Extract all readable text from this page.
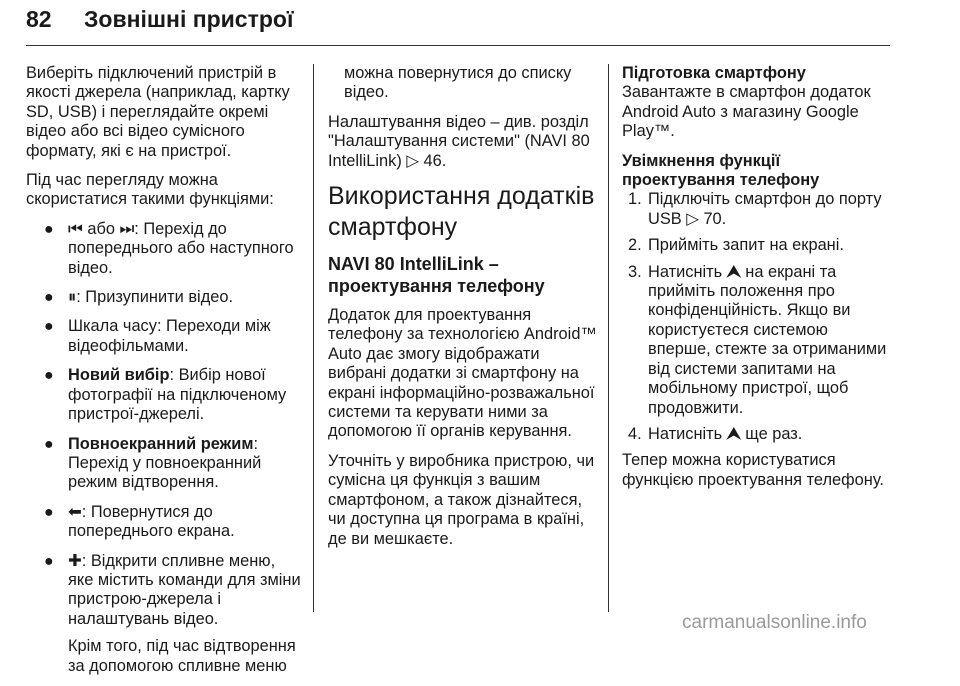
82	Зовнішні пристрої

Виберіть підключений пристрій в якості джерела (наприклад, картку SD, USB) і переглядайте окремі відео або всі відео сумісного формату, які є на пристрої.

Під час перегляду можна скористатися такими функціями:

● ⏮ або ⏭: Перехід до попереднього або наступного відео.
● ⏸: Призупинити відео.
● Шкала часу: Переходи між відеофільмами.
● Новий вибір: Вибір нової фотографії на підключеному пристрої-джерелі.
● Повноекранний режим: Перехід у повноекранний режим відтворення.
● ⬅: Повернутися до попереднього екрана.
● ✚: Відкрити спливне меню, яке містить команди для зміни пристрою-джерела і налаштувань відео.
Крім того, під час відтворення за допомогою спливне меню

можна повернутися до списку відео.

Налаштування відео – див. розділ "Налаштування системи" (NAVI 80 IntelliLink) ▷ 46.

Використання додатків смартфону
NAVI 80 IntelliLink – проектування телефону

Додаток для проектування телефону за технологією Android™ Auto дає змогу відображати вибрані додатки зі смартфону на екрані інформаційно-розважальної системи та керувати ними за допомогою її органів керування.

Уточніть у виробника пристрою, чи сумісна ця функція з вашим смартфоном, а також дізнайтеся, чи доступна ця програма в країні, де ви мешкаєте.

Підготовка смартфону

Завантажте в смартфон додаток Android Auto з магазину Google Play™.

Увімкнення функції проектування телефону
1. Підключіть смартфон до порту USB ▷ 70.
2. Прийміть запит на екрані.
3. Натисніть ⮝ на екрані та прийміть положення про конфіденційність. Якщо ви користуєтеся системою вперше, стежте за отриманими від системи запитами на мобільному пристрої, щоб продовжити.
4. Натисніть ⮝ ще раз.

Тепер можна користуватися функцією проектування телефону.

carmanualsonline.info
